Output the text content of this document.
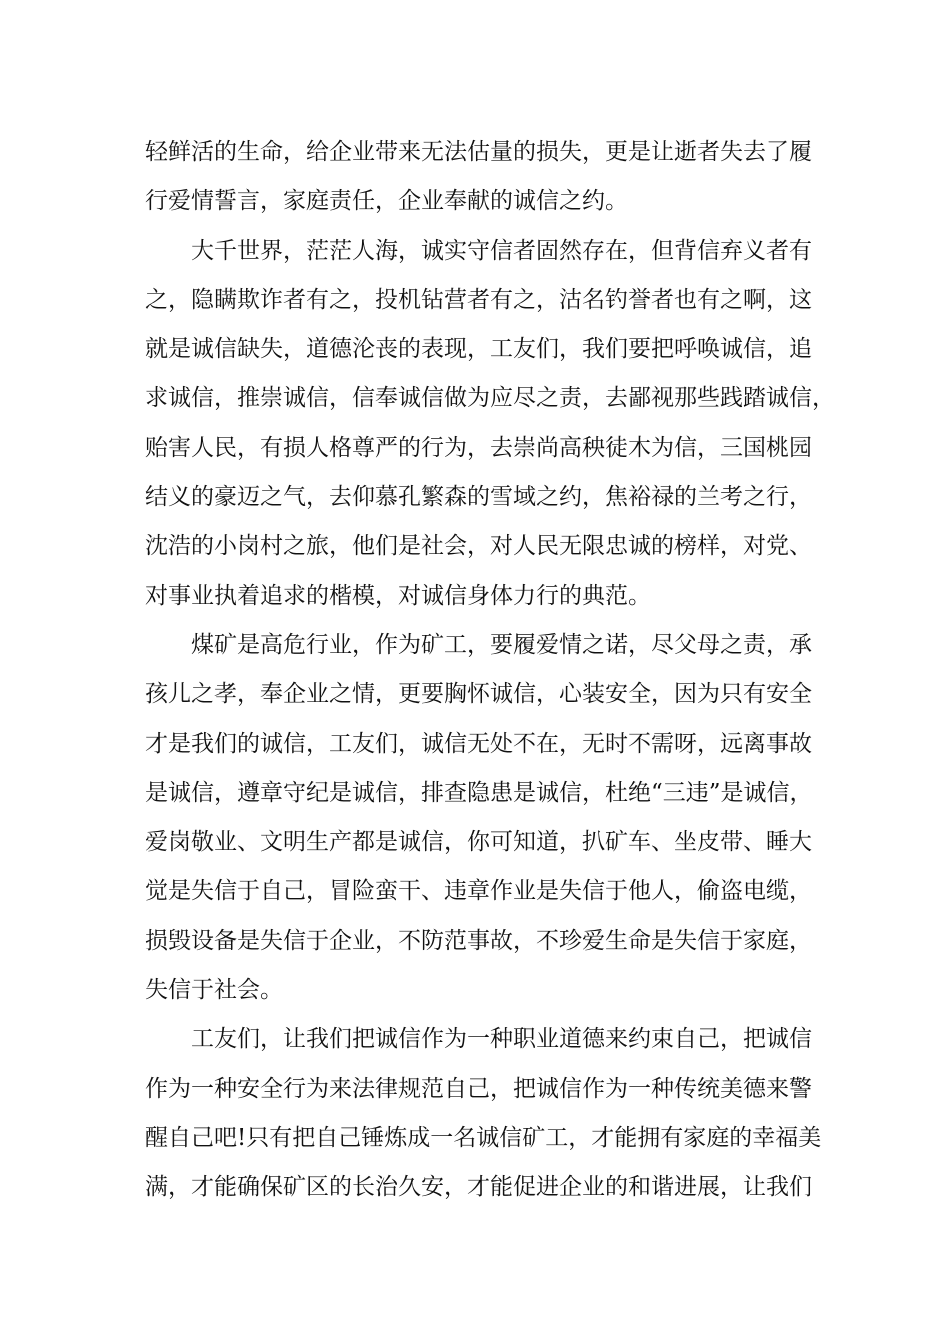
轻鲜活的生命，给企业带来无法估量的损失，更是让逝者失去了履
行爱情誓言，家庭责任，企业奉献的诚信之约。
大千世界，茫茫人海，诚实守信者固然存在，但背信弃义者有
之，隐瞒欺诈者有之，投机钻营者有之，沽名钓誉者也有之啊，这
就是诚信缺失，道德沦丧的表现，工友们，我们要把呼唤诚信，追
求诚信，推崇诚信，信奉诚信做为应尽之责，去鄙视那些践踏诚信，
贻害人民，有损人格尊严的行为，去崇尚高秧徒木为信，三国桃园
结义的豪迈之气，去仰慕孔繁森的雪域之约，焦裕禄的兰考之行，
沈浩的小岗村之旅，他们是社会，对人民无限忠诚的榜样，对党、
对事业执着追求的楷模，对诚信身体力行的典范。
煤矿是高危行业，作为矿工，要履爱情之诺，尽父母之责，承
孩儿之孝，奉企业之情，更要胸怀诚信，心装安全，因为只有安全
才是我们的诚信，工友们，诚信无处不在，无时不需呀，远离事故
是诚信，遵章守纪是诚信，排查隐患是诚信，杜绝“三违”是诚信，
爱岗敬业、文明生产都是诚信，你可知道，扒矿车、坐皮带、睡大
觉是失信于自己，冒险蛮干、违章作业是失信于他人，偷盗电缆，
损毁设备是失信于企业，不防范事故，不珍爱生命是失信于家庭，
失信于社会。
工友们，让我们把诚信作为一种职业道德来约束自己，把诚信
作为一种安全行为来法律规范自己，把诚信作为一种传统美德来警
醒自己吧!只有把自己锤炼成一名诚信矿工，才能拥有家庭的幸福美
满，才能确保矿区的长治久安，才能促进企业的和谐进展，让我们
